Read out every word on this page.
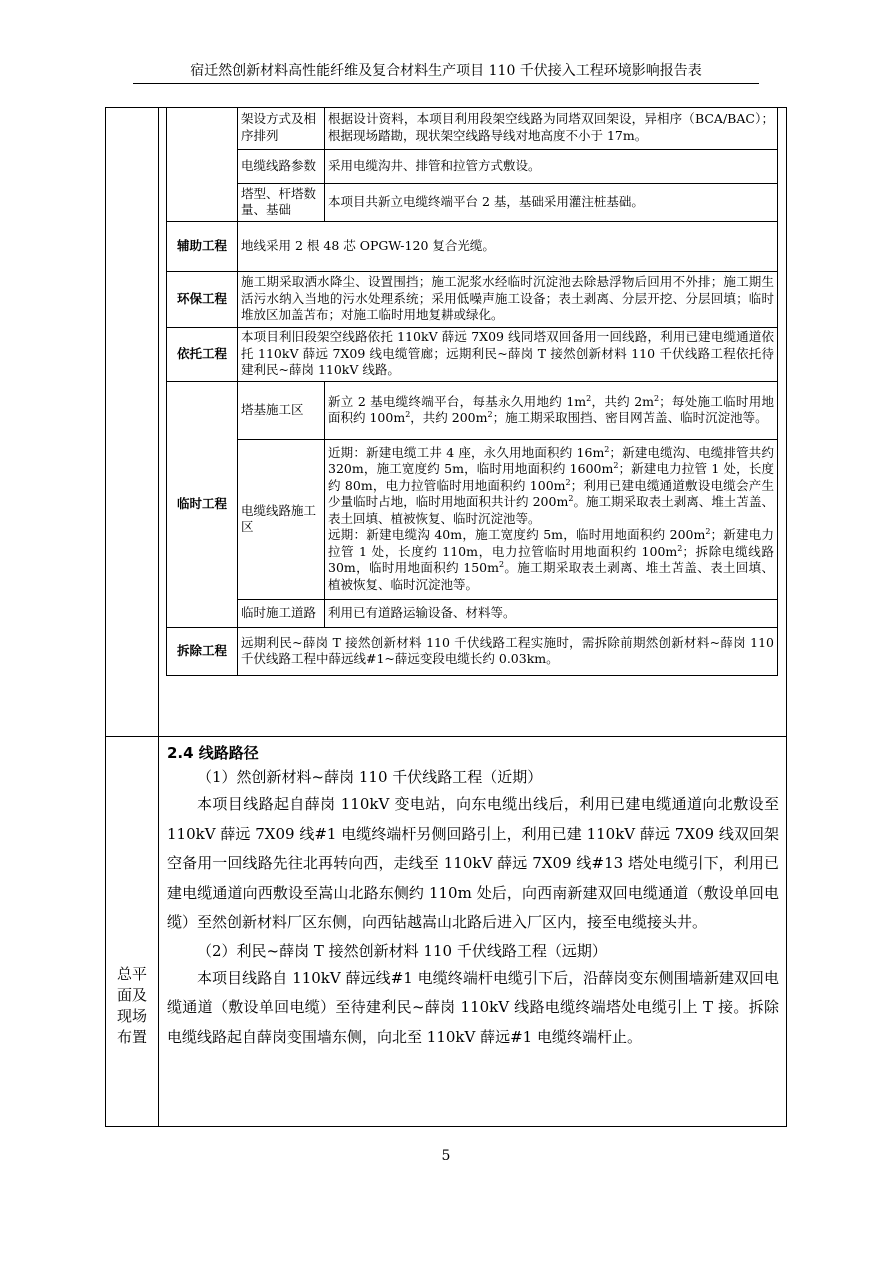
宿迁然创新材料高性能纤维及复合材料生产项目 110 千伏接入工程环境影响报告表
总平
面及
现场
布置
	架设方式及相序排列	根据设计资料，本项目利用段架空线路为同塔双回架设，异相序（BCA/BAC）；根据现场踏勘，现状架空线路导线对地高度不小于 17m。
	电缆线路参数	采用电缆沟井、排管和拉管方式敷设。
	塔型、杆塔数量、基础	本项目共新立电缆终端平台 2 基，基础采用灌注桩基础。
辅助工程	地线采用 2 根 48 芯 OPGW-120 复合光缆。	
环保工程	施工期采取洒水降尘、设置围挡；施工泥浆水经临时沉淀池去除悬浮物后回用不外排；施工期生活污水纳入当地的污水处理系统；采用低噪声施工设备；表土剥离、分层开挖、分层回填；临时堆放区加盖苫布；对施工临时用地复耕或绿化。	
依托工程	本项目利旧段架空线路依托 110kV 薛远 7X09 线同塔双回备用一回线路，利用已建电缆通道依托 110kV 薛远 7X09 线电缆管廊；远期利民~薛岗 T 接然创新材料 110 千伏线路工程依托待建利民~薛岗 110kV 线路。	
临时工程	塔基施工区	新立 2 基电缆终端平台，每基永久用地约 $1m^2$，共约 $2m^2$；每处施工临时用地面积约 $100m^2$，共约 $200m^2$；施工期采取围挡、密目网苫盖、临时沉淀池等。
	电缆线路施工区	近期：新建电缆工井 4 座，永久用地面积约 $16m^2$；新建电缆沟、电缆排管共约 320m，施工宽度约 5m，临时用地面积约 $1600m^2$；新建电力拉管 1 处，长度约 80m，电力拉管临时用地面积约 $100m^2$；利用已建电缆通道敷设电缆会产生少量临时占地，临时用地面积共计约 $200m^2$。施工期采取表土剥离、堆土苫盖、表土回填、植被恢复、临时沉淀池等。
远期：新建电缆沟 40m，施工宽度约 5m，临时用地面积约 $200m^2$；新建电力拉管 1 处，长度约 110m，电力拉管临时用地面积约 $100m^2$；拆除电缆线路 30m，临时用地面积约 $150m^2$。施工期采取表土剥离、堆土苫盖、表土回填、植被恢复、临时沉淀池等。
	临时施工道路	利用已有道路运输设备、材料等。
拆除工程	远期利民~薛岗 T 接然创新材料 110 千伏线路工程实施时，需拆除前期然创新材料~薛岗 110 千伏线路工程中薛远线#1~薛远变段电缆长约 0.03km。	

2.4 线路路径

（1）然创新材料~薛岗 110 千伏线路工程（近期）

本项目线路起自薛岗 110kV 变电站，向东电缆出线后，利用已建电缆通道向北敷设至 110kV 薛远 7X09 线#1 电缆终端杆另侧回路引上，利用已建 110kV 薛远 7X09 线双回架空备用一回线路先往北再转向西，走线至 110kV 薛远 7X09 线#13 塔处电缆引下，利用已建电缆通道向西敷设至嵩山北路东侧约 110m 处后，向西南新建双回电缆通道（敷设单回电缆）至然创新材料厂区东侧，向西钻越嵩山北路后进入厂区内，接至电缆接头井。

（2）利民~薛岗 T 接然创新材料 110 千伏线路工程（远期）

本项目线路自 110kV 薛远线#1 电缆终端杆电缆引下后，沿薛岗变东侧围墙新建双回电缆通道（敷设单回电缆）至待建利民~薛岗 110kV 线路电缆终端塔处电缆引上 T 接。拆除电缆线路起自薛岗变围墙东侧，向北至 110kV 薛远#1 电缆终端杆止。

5
